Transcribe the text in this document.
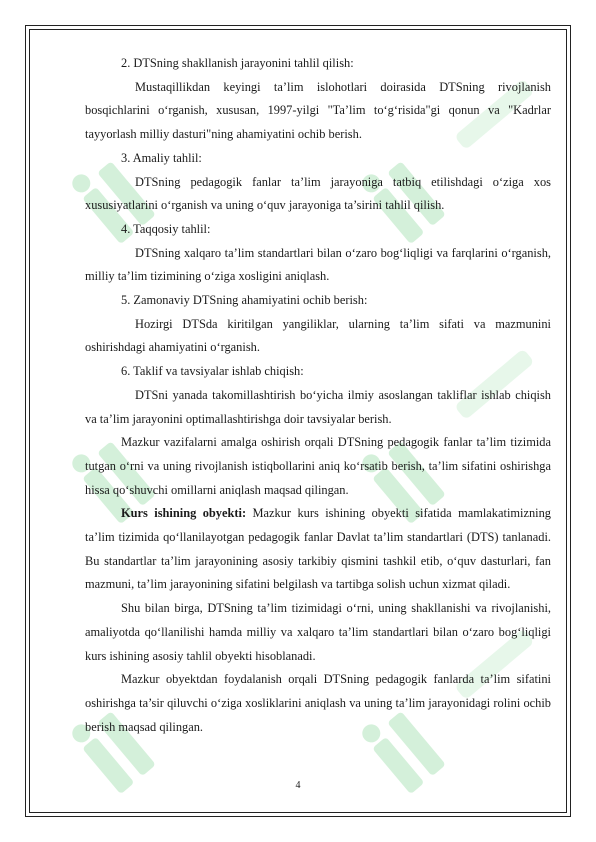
2. DTSning shakllanish jarayonini tahlil qilish:

Mustaqillikdan keyingi ta’lim islohotlari doirasida DTSning rivojlanish bosqichlarini o‘rganish, xususan, 1997-yilgi "Ta’lim to‘g‘risida"gi qonun va "Kadrlar tayyorlash milliy dasturi"ning ahamiyatini ochib berish.

3. Amaliy tahlil:

DTSning pedagogik fanlar ta’lim jarayoniga tatbiq etilishdagi o‘ziga xos xususiyatlarini o‘rganish va uning o‘quv jarayoniga ta’sirini tahlil qilish.

4. Taqqosiy tahlil:

DTSning xalqaro ta’lim standartlari bilan o‘zaro bog‘liqligi va farqlarini o‘rganish, milliy ta’lim tizimining o‘ziga xosligini aniqlash.

5. Zamonaviy DTSning ahamiyatini ochib berish:

Hozirgi DTSda kiritilgan yangiliklar, ularning ta’lim sifati va mazmunini oshirishdagi ahamiyatini o‘rganish.

6. Taklif va tavsiyalar ishlab chiqish:

DTSni yanada takomillashtirish bo‘yicha ilmiy asoslangan takliflar ishlab chiqish va ta’lim jarayonini optimallashtirishga doir tavsiyalar berish.

Mazkur vazifalarni amalga oshirish orqali DTSning pedagogik fanlar ta’lim tizimida tutgan o‘rni va uning rivojlanish istiqbollarini aniq ko‘rsatib berish, ta’lim sifatini oshirishga hissa qo‘shuvchi omillarni aniqlash maqsad qilingan.

Kurs ishining obyekti: Mazkur kurs ishining obyekti sifatida mamlakatimizning ta’lim tizimida qo‘llanilayotgan pedagogik fanlar Davlat ta’lim standartlari (DTS) tanlanadi. Bu standartlar ta’lim jarayonining asosiy tarkibiy qismini tashkil etib, o‘quv dasturlari, fan mazmuni, ta’lim jarayonining sifatini belgilash va tartibga solish uchun xizmat qiladi.

Shu bilan birga, DTSning ta’lim tizimidagi o‘rni, uning shakllanishi va rivojlanishi, amaliyotda qo‘llanilishi hamda milliy va xalqaro ta’lim standartlari bilan o‘zaro bog‘liqligi kurs ishining asosiy tahlil obyekti hisoblanadi.

Mazkur obyektdan foydalanish orqali DTSning pedagogik fanlarda ta’lim sifatini oshirishga ta’sir qiluvchi o‘ziga xosliklarini aniqlash va uning ta’lim jarayonidagi rolini ochib berish maqsad qilingan.

4
